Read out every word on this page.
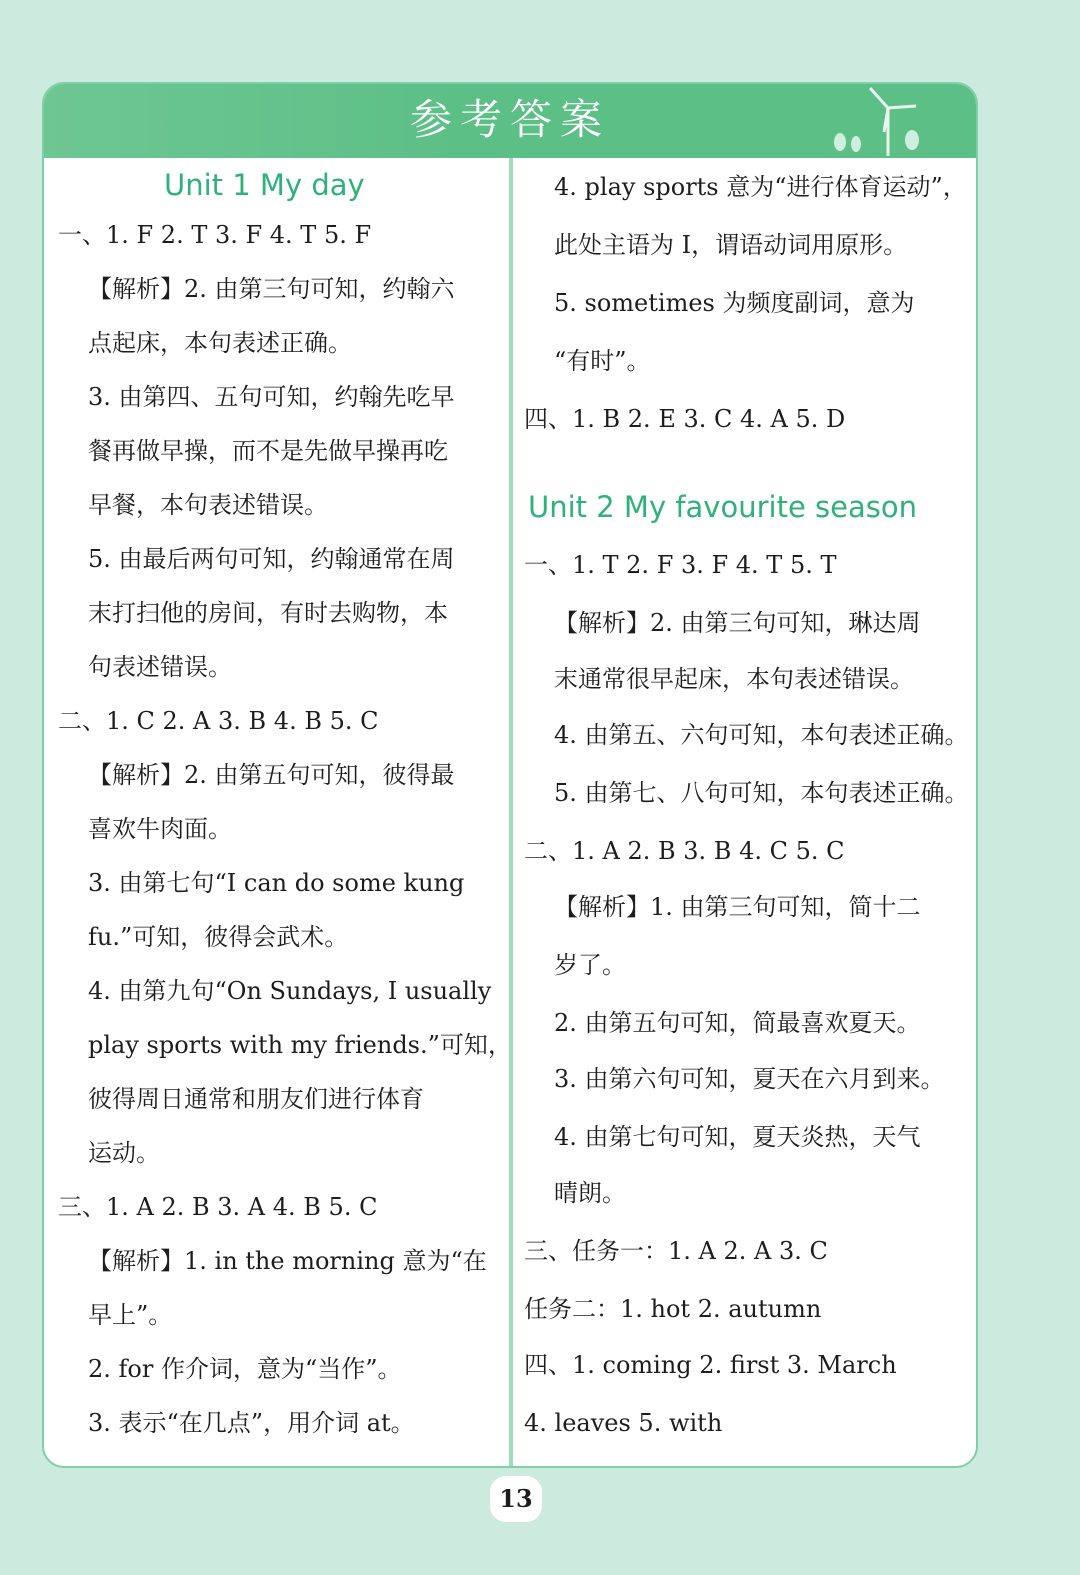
参考答案
Unit 1 My day
一、1. F 2. T 3. F 4. T 5. F
【解析】2. 由第三句可知，约翰六
点起床，本句表述正确。
3. 由第四、五句可知，约翰先吃早
餐再做早操，而不是先做早操再吃
早餐，本句表述错误。
5. 由最后两句可知，约翰通常在周
末打扫他的房间，有时去购物，本
句表述错误。
二、1. C 2. A 3. B 4. B 5. C
【解析】2. 由第五句可知，彼得最
喜欢牛肉面。
3. 由第七句“I can do some kung
fu.”可知，彼得会武术。
4. 由第九句“On Sundays, I usually
play sports with my friends.”可知，
彼得周日通常和朋友们进行体育
运动。
三、1. A 2. B 3. A 4. B 5. C
【解析】1. in the morning 意为“在
早上”。
2. for 作介词，意为“当作”。
3. 表示“在几点”，用介词 at。
4. play sports 意为“进行体育运动”，
此处主语为 I，谓语动词用原形。
5. sometimes 为频度副词，意为
“有时”。
四、1. B 2. E 3. C 4. A 5. D
Unit 2 My favourite season
一、1. T 2. F 3. F 4. T 5. T
【解析】2. 由第三句可知，琳达周
末通常很早起床，本句表述错误。
4. 由第五、六句可知，本句表述正确。
5. 由第七、八句可知，本句表述正确。
二、1. A 2. B 3. B 4. C 5. C
【解析】1. 由第三句可知，简十二
岁了。
2. 由第五句可知，简最喜欢夏天。
3. 由第六句可知，夏天在六月到来。
4. 由第七句可知，夏天炎热，天气
晴朗。
三、任务一：1. A 2. A 3. C
任务二：1. hot 2. autumn
四、1. coming 2. first 3. March
4. leaves 5. with
13
